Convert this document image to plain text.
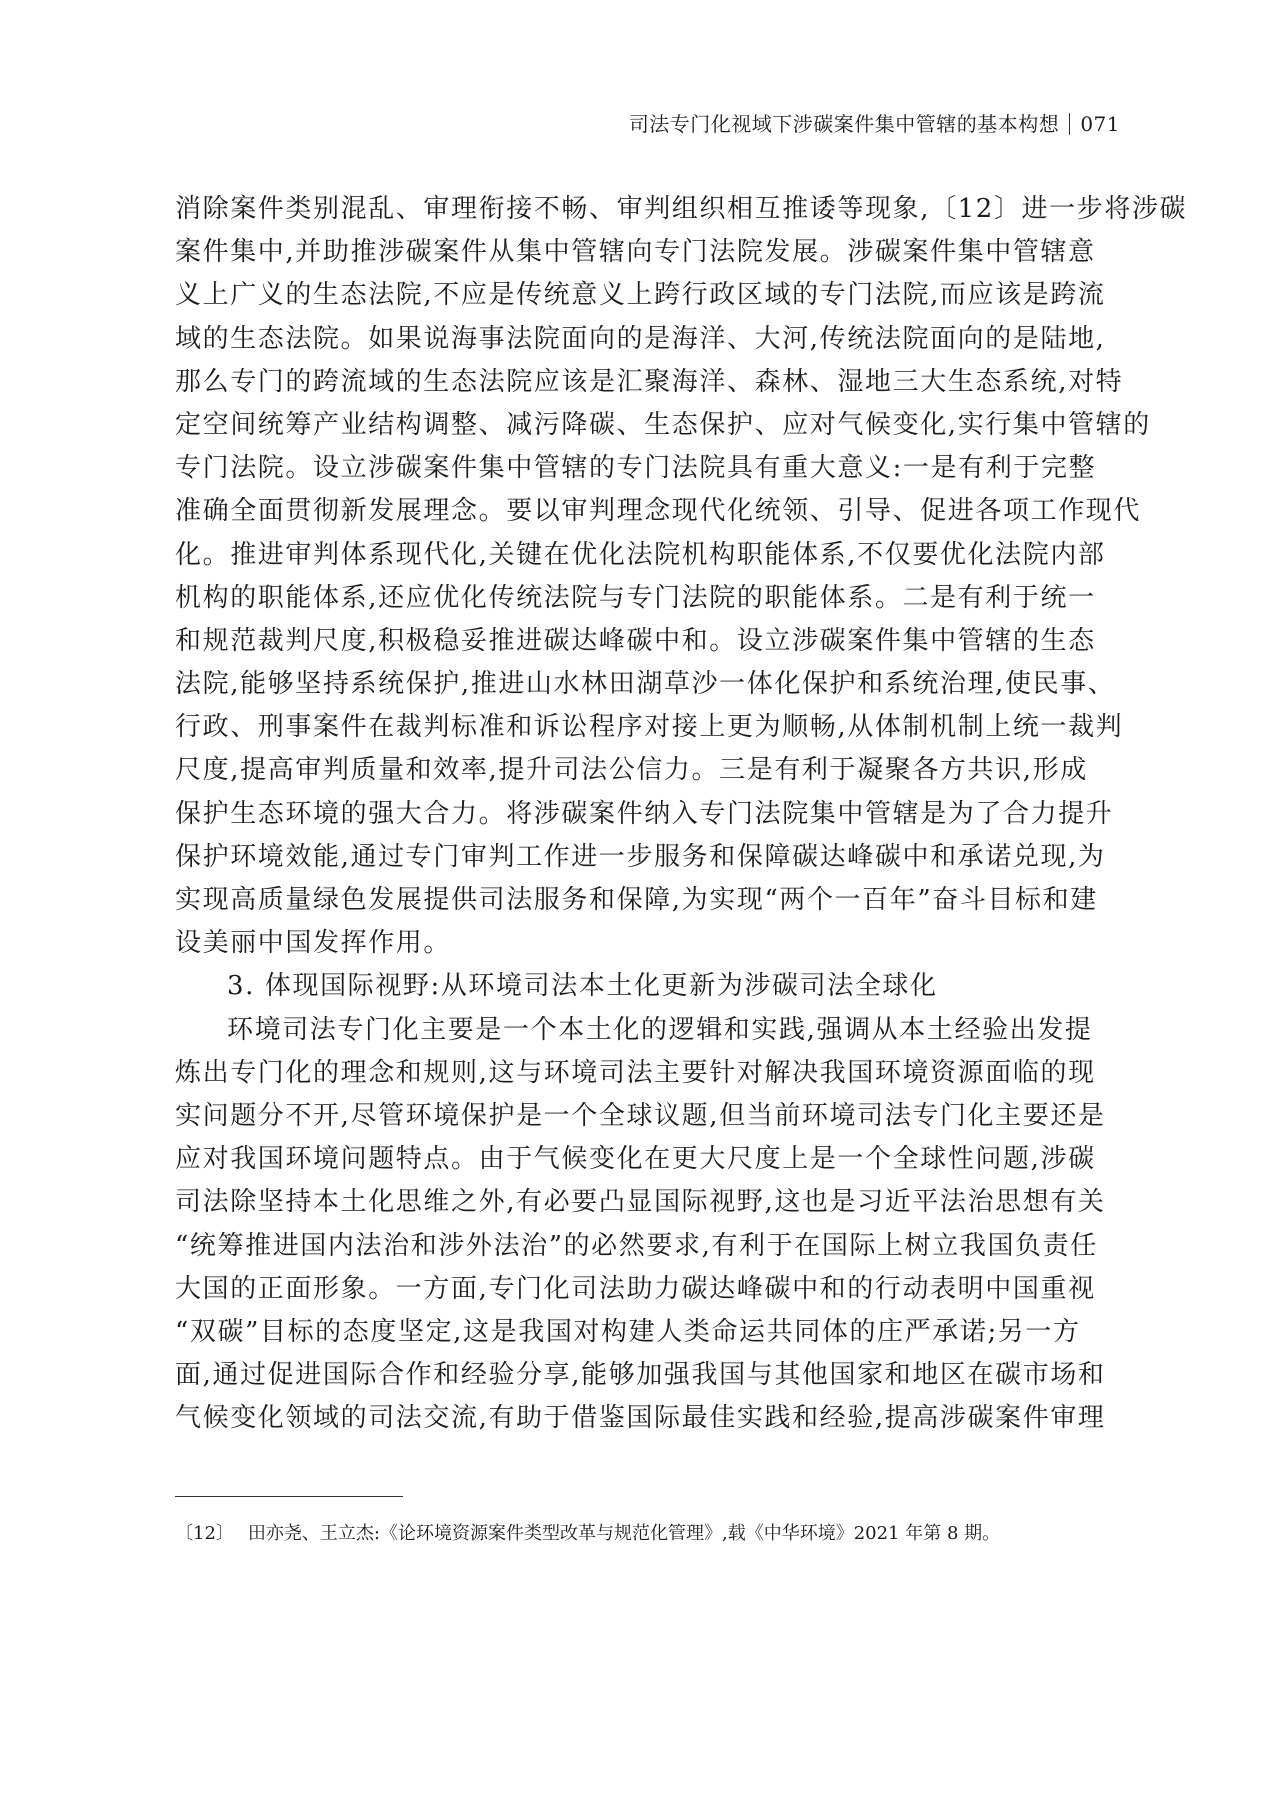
司法专门化视域下涉碳案件集中管辖的基本构想 071
消除案件类别混乱、审理衔接不畅、审判组织相互推诿等现象,〔12〕进一步将涉碳
案件集中,并助推涉碳案件从集中管辖向专门法院发展。涉碳案件集中管辖意
义上广义的生态法院,不应是传统意义上跨行政区域的专门法院,而应该是跨流
域的生态法院。如果说海事法院面向的是海洋、大河,传统法院面向的是陆地,
那么专门的跨流域的生态法院应该是汇聚海洋、森林、湿地三大生态系统,对特
定空间统筹产业结构调整、减污降碳、生态保护、应对气候变化,实行集中管辖的
专门法院。设立涉碳案件集中管辖的专门法院具有重大意义:一是有利于完整
准确全面贯彻新发展理念。要以审判理念现代化统领、引导、促进各项工作现代
化。推进审判体系现代化,关键在优化法院机构职能体系,不仅要优化法院内部
机构的职能体系,还应优化传统法院与专门法院的职能体系。二是有利于统一
和规范裁判尺度,积极稳妥推进碳达峰碳中和。设立涉碳案件集中管辖的生态
法院,能够坚持系统保护,推进山水林田湖草沙一体化保护和系统治理,使民事、
行政、刑事案件在裁判标准和诉讼程序对接上更为顺畅,从体制机制上统一裁判
尺度,提高审判质量和效率,提升司法公信力。三是有利于凝聚各方共识,形成
保护生态环境的强大合力。将涉碳案件纳入专门法院集中管辖是为了合力提升
保护环境效能,通过专门审判工作进一步服务和保障碳达峰碳中和承诺兑现,为
实现高质量绿色发展提供司法服务和保障,为实现“两个一百年”奋斗目标和建
设美丽中国发挥作用。
3. 体现国际视野:从环境司法本土化更新为涉碳司法全球化
环境司法专门化主要是一个本土化的逻辑和实践,强调从本土经验出发提
炼出专门化的理念和规则,这与环境司法主要针对解决我国环境资源面临的现
实问题分不开,尽管环境保护是一个全球议题,但当前环境司法专门化主要还是
应对我国环境问题特点。由于气候变化在更大尺度上是一个全球性问题,涉碳
司法除坚持本土化思维之外,有必要凸显国际视野,这也是习近平法治思想有关
“统筹推进国内法治和涉外法治”的必然要求,有利于在国际上树立我国负责任
大国的正面形象。一方面,专门化司法助力碳达峰碳中和的行动表明中国重视
“双碳”目标的态度坚定,这是我国对构建人类命运共同体的庄严承诺;另一方
面,通过促进国际合作和经验分享,能够加强我国与其他国家和地区在碳市场和
气候变化领域的司法交流,有助于借鉴国际最佳实践和经验,提高涉碳案件审理
〔12〕 田亦尧、王立杰:《论环境资源案件类型改革与规范化管理》,载《中华环境》2021 年第 8 期。
